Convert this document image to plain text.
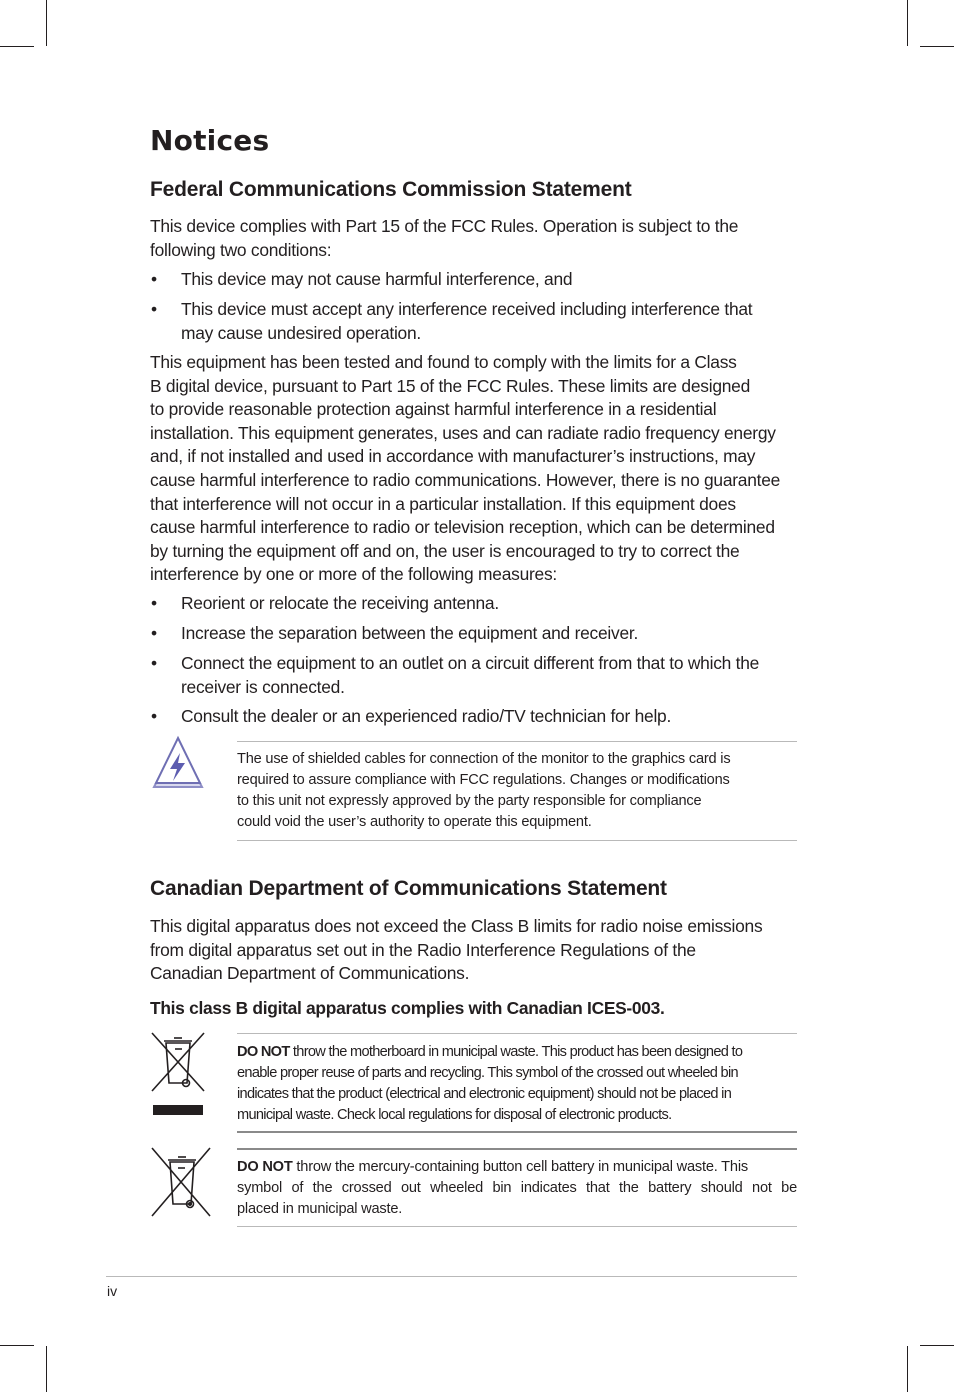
Notices
Federal Communications Commission Statement
This device complies with Part 15 of the FCC Rules. Operation is subject to the
following two conditions:
• This device may not cause harmful interference, and
• This device must accept any interference received including interference that
may cause undesired operation.
This equipment has been tested and found to comply with the limits for a Class
B digital device, pursuant to Part 15 of the FCC Rules. These limits are designed
to provide reasonable protection against harmful interference in a residential
installation. This equipment generates, uses and can radiate radio frequency energy
and, if not installed and used in accordance with manufacturer’s instructions, may
cause harmful interference to radio communications. However, there is no guarantee
that interference will not occur in a particular installation. If this equipment does
cause harmful interference to radio or television reception, which can be determined
by turning the equipment off and on, the user is encouraged to try to correct the
interference by one or more of the following measures:
• Reorient or relocate the receiving antenna.
• Increase the separation between the equipment and receiver.
• Connect the equipment to an outlet on a circuit different from that to which the
receiver is connected.
• Consult the dealer or an experienced radio/TV technician for help.
The use of shielded cables for connection of the monitor to the graphics card is
required to assure compliance with FCC regulations. Changes or modifications
to this unit not expressly approved by the party responsible for compliance
could void the user’s authority to operate this equipment.
Canadian Department of Communications Statement
This digital apparatus does not exceed the Class B limits for radio noise emissions
from digital apparatus set out in the Radio Interference Regulations of the
Canadian Department of Communications.
This class B digital apparatus complies with Canadian ICES-003.
DO NOT throw the motherboard in municipal waste. This product has been designed to
enable proper reuse of parts and recycling. This symbol of the crossed out wheeled bin
indicates that the product (electrical and electronic equipment) should not be placed in
municipal waste. Check local regulations for disposal of electronic products.
DO NOT throw the mercury-containing button cell battery in municipal waste. This
symbol of the crossed out wheeled bin indicates that the battery should not be
placed in municipal waste.
iv
